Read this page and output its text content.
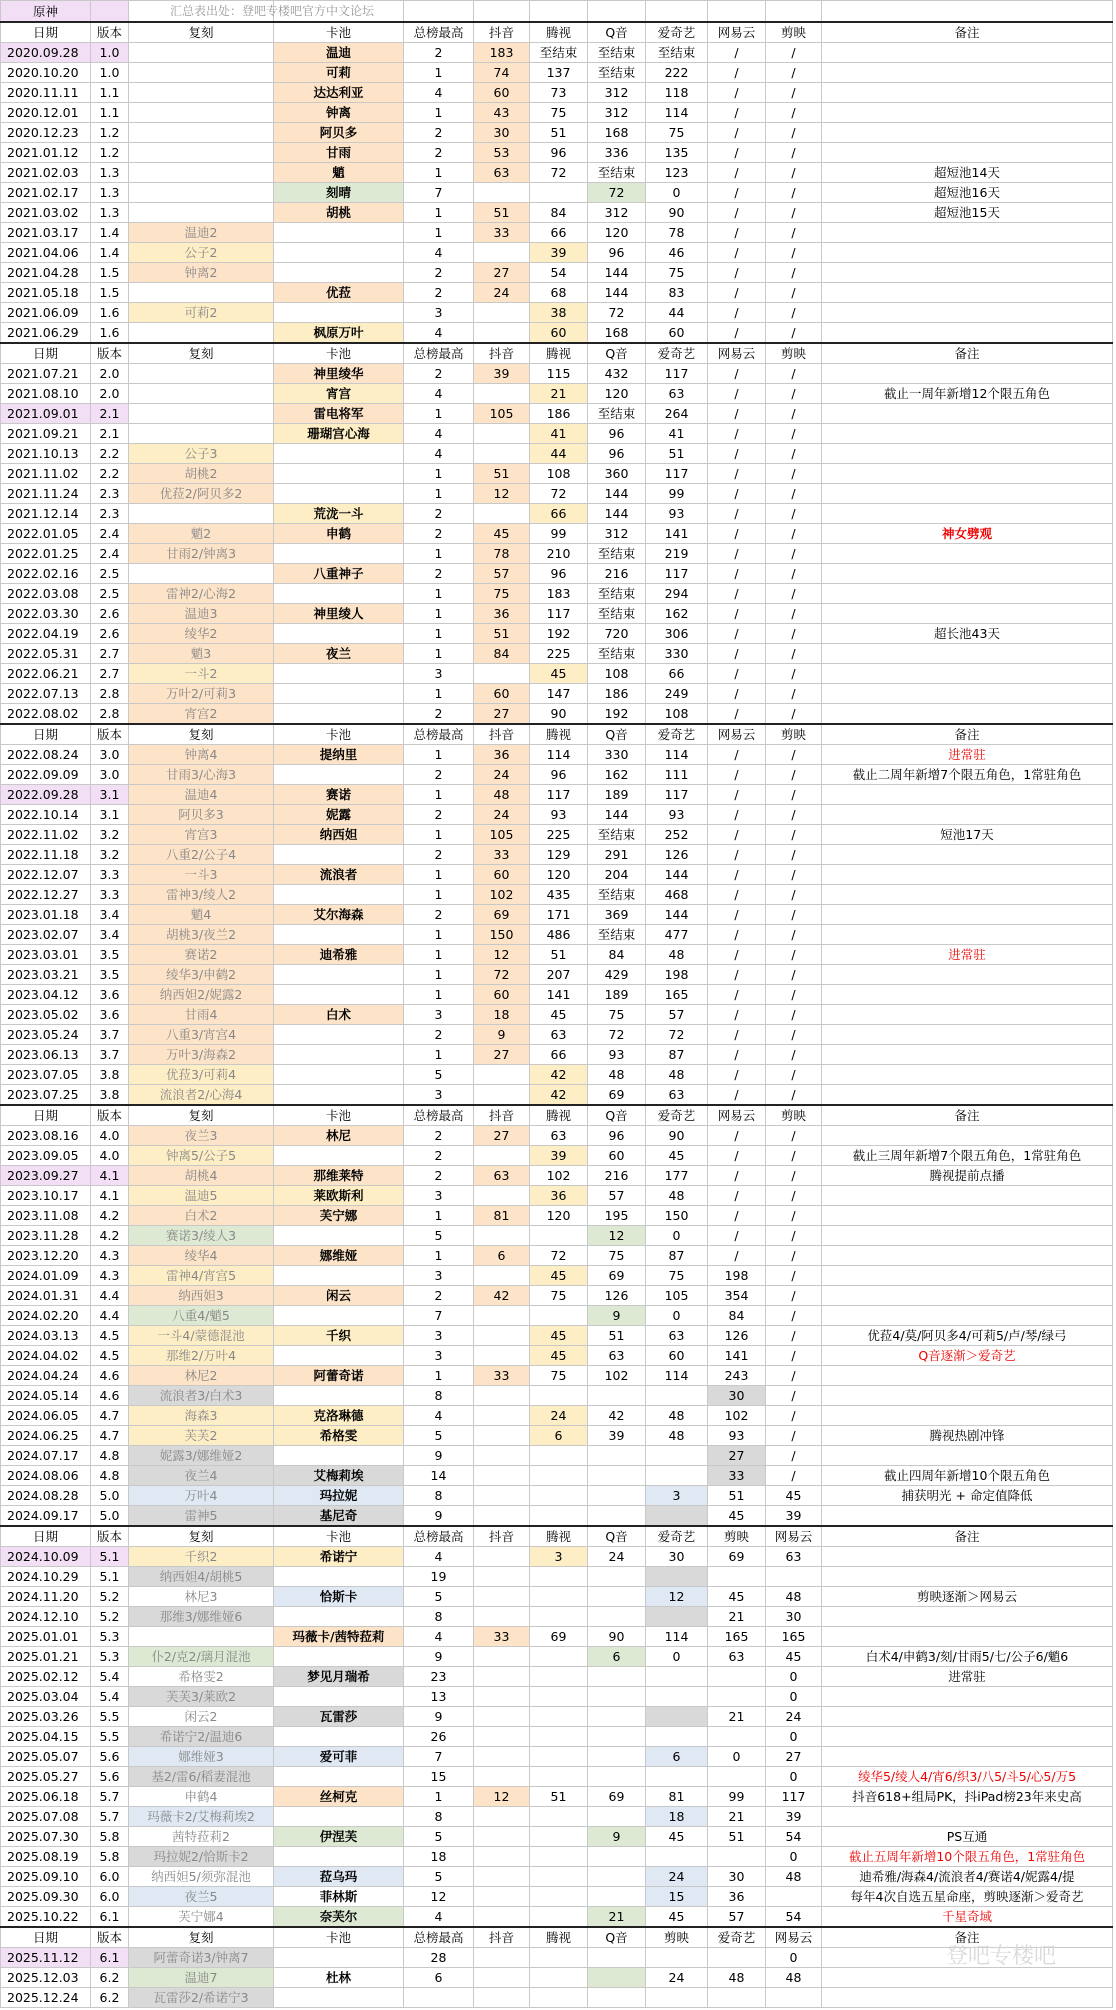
原神											
日期	版本	复刻	卡池	总榜最高	抖音	腾视	Q音	爱奇艺	网易云	剪映	备注
2020.09.28	1.0		温迪	2	183	至结束	至结束	至结束	/	/	
2020.10.20	1.0		可莉	1	74	137	至结束	222	/	/	
2020.11.11	1.1		达达利亚	4	60	73	312	118	/	/	
2020.12.01	1.1		钟离	1	43	75	312	114	/	/	
2020.12.23	1.2		阿贝多	2	30	51	168	75	/	/	
2021.01.12	1.2		甘雨	2	53	96	336	135	/	/	
2021.02.03	1.3		魈	1	63	72	至结束	123	/	/	超短池14天
2021.02.17	1.3		刻晴	7			72	0	/	/	超短池16天
2021.03.02	1.3		胡桃	1	51	84	312	90	/	/	超短池15天
2021.03.17	1.4	温迪2		1	33	66	120	78	/	/	
2021.04.06	1.4	公子2		4		39	96	46	/	/	
2021.04.28	1.5	钟离2		2	27	54	144	75	/	/	
2021.05.18	1.5		优菈	2	24	68	144	83	/	/	
2021.06.09	1.6	可莉2		3		38	72	44	/	/	
2021.06.29	1.6		枫原万叶	4		60	168	60	/	/	
日期	版本	复刻	卡池	总榜最高	抖音	腾视	Q音	爱奇艺	网易云	剪映	备注
2021.07.21	2.0		神里绫华	2	39	115	432	117	/	/	
2021.08.10	2.0		宵宫	4		21	120	63	/	/	截止一周年新增12个限五角色
2021.09.01	2.1		雷电将军	1	105	186	至结束	264	/	/	
2021.09.21	2.1		珊瑚宫心海	4		41	96	41	/	/	
2021.10.13	2.2	公子3		4		44	96	51	/	/	
2021.11.02	2.2	胡桃2		1	51	108	360	117	/	/	
2021.11.24	2.3	优菈2/阿贝多2		1	12	72	144	99	/	/	
2021.12.14	2.3		荒泷一斗	2		66	144	93	/	/	
2022.01.05	2.4	魈2	申鹤	2	45	99	312	141	/	/	神女劈观
2022.01.25	2.4	甘雨2/钟离3		1	78	210	至结束	219	/	/	
2022.02.16	2.5		八重神子	2	57	96	216	117	/	/	
2022.03.08	2.5	雷神2/心海2		1	75	183	至结束	294	/	/	
2022.03.30	2.6	温迪3	神里绫人	1	36	117	至结束	162	/	/	
2022.04.19	2.6	绫华2		1	51	192	720	306	/	/	超长池43天
2022.05.31	2.7	魈3	夜兰	1	84	225	至结束	330	/	/	
2022.06.21	2.7	一斗2		3		45	108	66	/	/	
2022.07.13	2.8	万叶2/可莉3		1	60	147	186	249	/	/	
2022.08.02	2.8	宵宫2		2	27	90	192	108	/	/	
日期	版本	复刻	卡池	总榜最高	抖音	腾视	Q音	爱奇艺	网易云	剪映	备注
2022.08.24	3.0	钟离4	提纳里	1	36	114	330	114	/	/	进常驻
2022.09.09	3.0	甘雨3/心海3		2	24	96	162	111	/	/	截止二周年新增7个限五角色，1常驻角色
2022.09.28	3.1	温迪4	赛诺	1	48	117	189	117	/	/	
2022.10.14	3.1	阿贝多3	妮露	2	24	93	144	93	/	/	
2022.11.02	3.2	宵宫3	纳西妲	1	105	225	至结束	252	/	/	短池17天
2022.11.18	3.2	八重2/公子4		2	33	129	291	126	/	/	
2022.12.07	3.3	一斗3	流浪者	1	60	120	204	144	/	/	
2022.12.27	3.3	雷神3/绫人2		1	102	435	至结束	468	/	/	
2023.01.18	3.4	魈4	艾尔海森	2	69	171	369	144	/	/	
2023.02.07	3.4	胡桃3/夜兰2		1	150	486	至结束	477	/	/	
2023.03.01	3.5	赛诺2	迪希雅	1	12	51	84	48	/	/	进常驻
2023.03.21	3.5	绫华3/申鹤2		1	72	207	429	198	/	/	
2023.04.12	3.6	纳西妲2/妮露2		1	60	141	189	165	/	/	
2023.05.02	3.6	甘雨4	白术	3	18	45	75	57	/	/	
2023.05.24	3.7	八重3/宵宫4		2	9	63	72	72	/	/	
2023.06.13	3.7	万叶3/海森2		1	27	66	93	87	/	/	
2023.07.05	3.8	优菈3/可莉4		5		42	48	48	/	/	
2023.07.25	3.8	流浪者2/心海4		3		42	69	63	/	/	
日期	版本	复刻	卡池	总榜最高	抖音	腾视	Q音	爱奇艺	网易云	剪映	备注
2023.08.16	4.0	夜兰3	林尼	2	27	63	96	90	/	/	
2023.09.05	4.0	钟离5/公子5		2		39	60	45	/	/	截止三周年新增7个限五角色，1常驻角色
2023.09.27	4.1	胡桃4	那维莱特	2	63	102	216	177	/	/	腾视提前点播
2023.10.17	4.1	温迪5	莱欧斯利	3		36	57	48	/	/	
2023.11.08	4.2	白术2	芙宁娜	1	81	120	195	150	/	/	
2023.11.28	4.2	赛诺3/绫人3		5			12	0	/	/	
2023.12.20	4.3	绫华4	娜维娅	1	6	72	75	87	/	/	
2024.01.09	4.3	雷神4/宵宫5		3		45	69	75	198	/	
2024.01.31	4.4	纳西妲3	闲云	2	42	75	126	105	354	/	
2024.02.20	4.4	八重4/魈5		7			9	0	84	/	
2024.03.13	4.5	一斗4/蒙德混池	千织	3		45	51	63	126	/	优菈4/莫/阿贝多4/可莉5/卢/琴/绿弓
2024.04.02	4.5	那维2/万叶4		3		45	63	60	141	/	Q音逐渐＞爱奇艺
2024.04.24	4.6	林尼2	阿蕾奇诺	1	33	75	102	114	243	/	
2024.05.14	4.6	流浪者3/白术3		8					30	/	
2024.06.05	4.7	海森3	克洛琳德	4		24	42	48	102	/	
2024.06.25	4.7	芙芙2	希格雯	5		6	39	48	93	/	腾视热剧冲锋
2024.07.17	4.8	妮露3/娜维娅2		9					27	/	
2024.08.06	4.8	夜兰4	艾梅莉埃	14					33	/	截止四周年新增10个限五角色
2024.08.28	5.0	万叶4	玛拉妮	8				3	51	45	捕获明光 + 命定值降低
2024.09.17	5.0	雷神5	基尼奇	9					45	39	
日期	版本	复刻	卡池	总榜最高	抖音	腾视	Q音	爱奇艺	剪映	网易云	备注
2024.10.09	5.1	千织2	希诺宁	4		3	24	30	69	63	
2024.10.29	5.1	纳西妲4/胡桃5		19							
2024.11.20	5.2	林尼3	恰斯卡	5				12	45	48	剪映逐渐＞网易云
2024.12.10	5.2	那维3/娜维娅6		8					21	30	
2025.01.01	5.3		玛薇卡/茜特菈莉	4	33	69	90	114	165	165	
2025.01.21	5.3	仆2/克2/璃月混池		9			6	0	63	45	白术4/申鹤3/刻/甘雨5/七/公子6/魈6
2025.02.12	5.4	希格雯2	梦见月瑞希	23						0	进常驻
2025.03.04	5.4	芙芙3/莱欧2		13						0	
2025.03.26	5.5	闲云2	瓦雷莎	9					21	24	
2025.04.15	5.5	希诺宁2/温迪6		26						0	
2025.05.07	5.6	娜维娅3	爱可菲	7				6	0	27	
2025.05.27	5.6	基2/雷6/稻妻混池		15						0	绫华5/绫人4/宵6/织3/八5/斗5/心5/万5
2025.06.18	5.7	申鹤4	丝柯克	1	12	51	69	81	99	117	抖音618+组局PK，抖iPad榜23年来史高
2025.07.08	5.7	玛薇卡2/艾梅莉埃2		8				18	21	39	
2025.07.30	5.8	茜特菈莉2	伊涅芙	5			9	45	51	54	PS互通
2025.08.19	5.8	玛拉妮2/恰斯卡2		18						0	截止五周年新增10个限五角色，1常驻角色
2025.09.10	6.0	纳西妲5/须弥混池	菈乌玛	5				24	30	48	迪希雅/海森4/流浪者4/赛诺4/妮露4/提
2025.09.30	6.0	夜兰5	菲林斯	12				15	36		每年4次自选五星命座，剪映逐渐＞爱奇艺
2025.10.22	6.1	芙宁娜4	奈芙尔	4			21	45	57	54	千星奇域
日期	版本	复刻	卡池	总榜最高	抖音	腾视	Q音	剪映	爱奇艺	网易云	备注
2025.11.12	6.1	阿蕾奇诺3/钟离7		28						0	
2025.12.03	6.2	温迪7	杜林	6				24	48	48	
2025.12.24	6.2	瓦雷莎2/希诺宁3									
汇总表出处：登吧专楼吧官方中文论坛
登吧专楼吧
